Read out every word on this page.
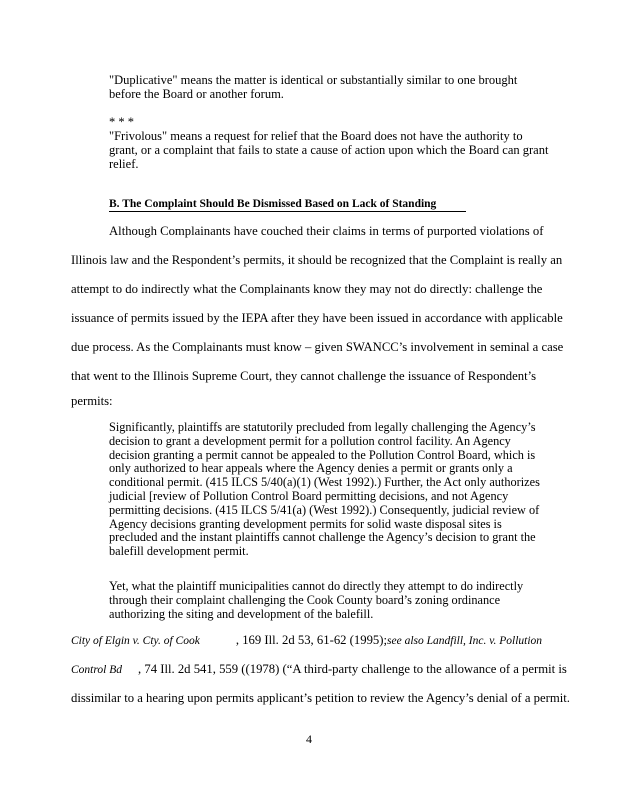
"Duplicative" means the matter is identical or substantially similar to one brought before the Board or another forum.

* * *

"Frivolous" means a request for relief that the Board does not have the authority to grant, or a complaint that fails to state a cause of action upon which the Board can grant relief.

B. The Complaint Should Be Dismissed Based on Lack of Standing
Although Complainants have couched their claims in terms of purported violations of
Illinois law and the Respondent’s permits, it should be recognized that the Complaint is really an
attempt to do indirectly what the Complainants know they may not do directly: challenge the
issuance of permits issued by the IEPA after they have been issued in accordance with applicable
due process. As the Complainants must know – given SWANCC’s involvement in seminal a case
that went to the Illinois Supreme Court, they cannot challenge the issuance of Respondent’s
permits:

Significantly, plaintiffs are statutorily precluded from legally challenging the Agency’s decision to grant a development permit for a pollution control facility. An Agency decision granting a permit cannot be appealed to the Pollution Control Board, which is only authorized to hear appeals where the Agency denies a permit or grants only a conditional permit. (415 ILCS 5/40(a)(1) (West 1992).) Further, the Act only authorizes judicial [review of Pollution Control Board permitting decisions, and not Agency permitting decisions. (415 ILCS 5/41(a) (West 1992).) Consequently, judicial review of Agency decisions granting development permits for solid waste disposal sites is precluded and the instant plaintiffs cannot challenge the Agency’s decision to grant the balefill development permit.

Yet, what the plaintiff municipalities cannot do directly they attempt to do indirectly through their complaint challenging the Cook County board’s zoning ordinance authorizing the siting and development of the balefill.

City of Elgin v. Cty. of Cook	, 169 Ill. 2d 53, 61-62 (1995);see also Landfill, Inc. v. Pollution
Control Bd , 74 Ill. 2d 541, 559 ((1978) (“A third-party challenge to the allowance of a permit is
dissimilar to a hearing upon permits applicant’s petition to review the Agency’s denial of a permit.
4
